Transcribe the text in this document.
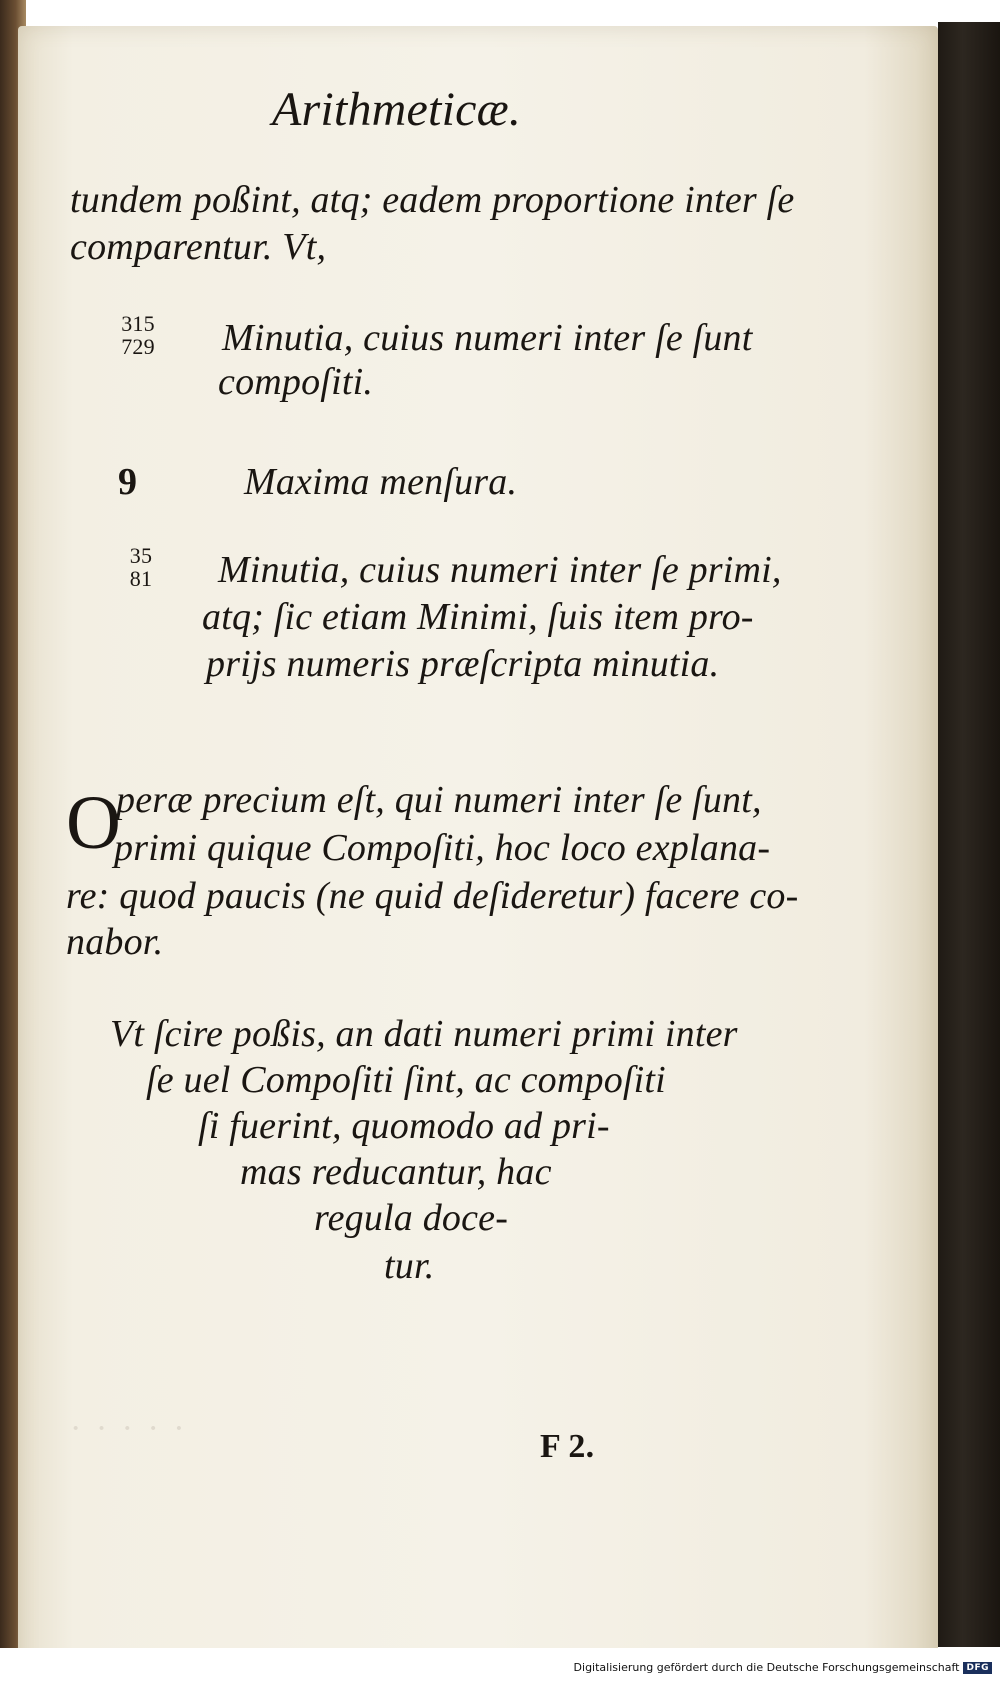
· · · · ·
Arithmeticæ.
tundem poßint, atq; eadem proportione inter ſe
comparentur. Vt,
315
729 Minutia, cuius numeri inter ſe ſunt
compoſiti.
9	Maxima menſura.
35
81 Minutia, cuius numeri inter ſe primi,
atq; ſic etiam Minimi, ſuis item pro-
prijs numeris præſcripta minutia.
O
peræ precium eſt, qui numeri inter ſe ſunt,
primi quique Compoſiti, hoc loco explana-
re: quod paucis (ne quid deſideretur) facere co-
nabor.
Vt ſcire poßis, an dati numeri primi inter
ſe uel Compoſiti ſint, ac compoſiti
ſi fuerint, quomodo ad pri-
mas reducantur, hac
regula doce-
tur.
F 2.
Digitalisierung gefördert durch die Deutsche Forschungsgemeinschaft DFG
